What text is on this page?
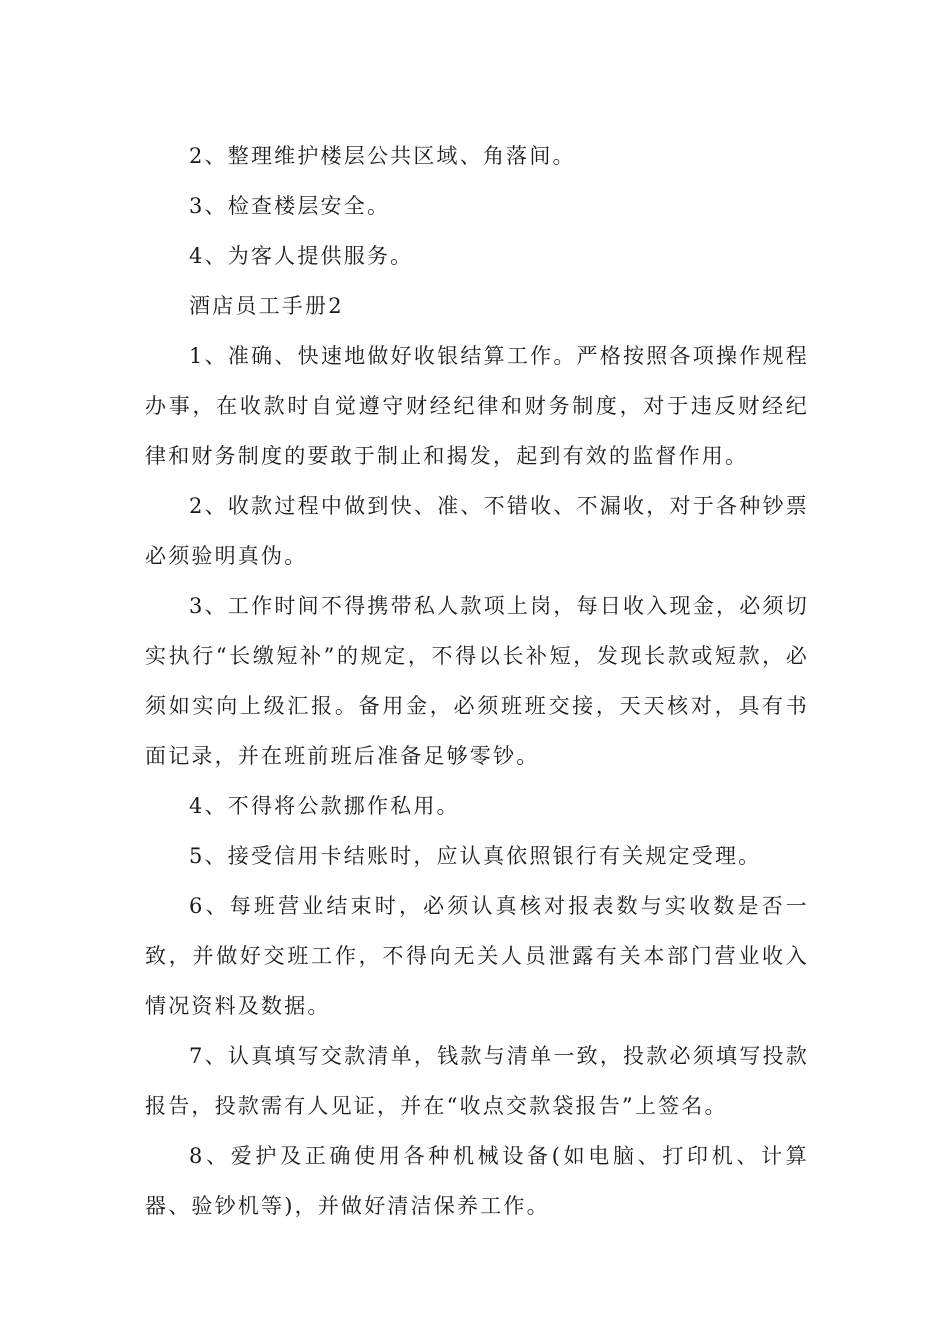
2、整理维护楼层公共区域、角落间。

3、检查楼层安全。

4、为客人提供服务。

酒店员工手册2

1、准确、快速地做好收银结算工作。严格按照各项操作规程办事，在收款时自觉遵守财经纪律和财务制度，对于违反财经纪律和财务制度的要敢于制止和揭发，起到有效的监督作用。

2、收款过程中做到快、准、不错收、不漏收，对于各种钞票必须验明真伪。

3、工作时间不得携带私人款项上岗，每日收入现金，必须切实执行“长缴短补”的规定，不得以长补短，发现长款或短款，必须如实向上级汇报。备用金，必须班班交接，天天核对，具有书面记录，并在班前班后准备足够零钞。

4、不得将公款挪作私用。

5、接受信用卡结账时，应认真依照银行有关规定受理。

6、每班营业结束时，必须认真核对报表数与实收数是否一致，并做好交班工作，不得向无关人员泄露有关本部门营业收入情况资料及数据。

7、认真填写交款清单，钱款与清单一致，投款必须填写投款报告，投款需有人见证，并在“收点交款袋报告”上签名。

8、爱护及正确使用各种机械设备(如电脑、打印机、计算器、验钞机等)，并做好清洁保养工作。
